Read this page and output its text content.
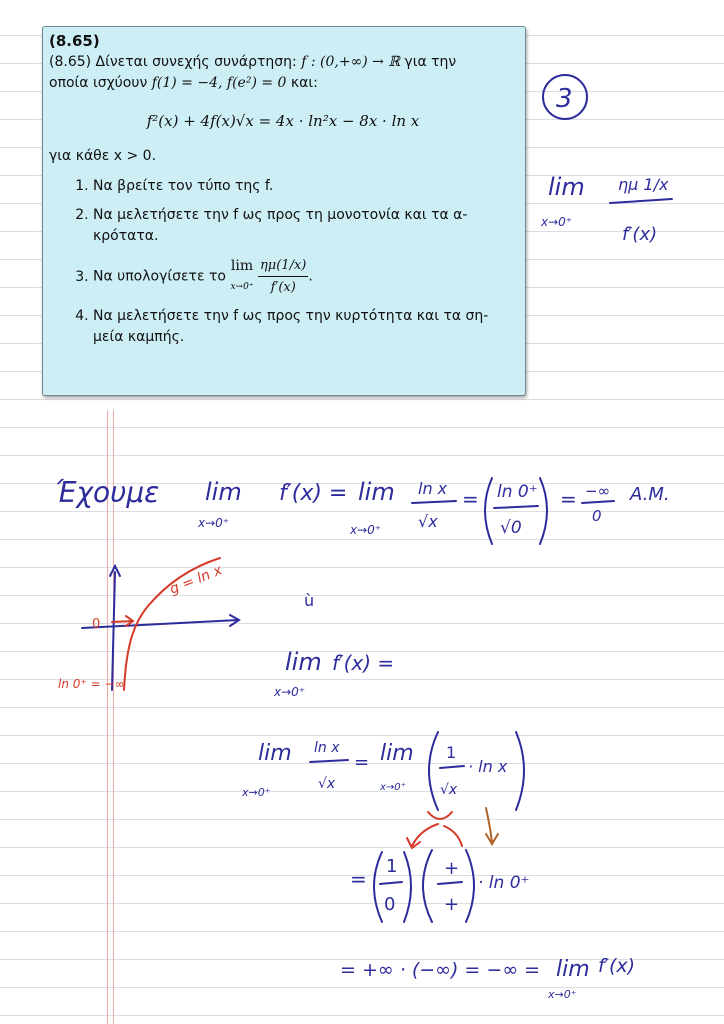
(8.65)

(8.65) Δίνεται συνεχής συνάρτηση: f : (0,+∞) → ℝ για την
οποία ισχύουν f(1) = −4, f(e²) = 0 και:

f²(x) + 4f(x)√x = 4x · ln²x − 8x · ln x

για κάθε x > 0.

1. Να βρείτε τον τύπο της f.
2. Να μελετήσετε την f ως προς τη μονοτονία και τα α-κρότατα.
3. Να υπολογίσετε το
lim
x→0⁺
$\frac{\eta\mu(1/x)}{f'(x)}$ .
4. Να μελετήσετε την f ως προς την κυρτότητα και τα ση-μεία καμπής.
3
lim
x→0⁺
ημ 1/x
f′(x)
Έχουμε lim
x→0⁺
f′(x) = lim
x→0⁺
ln x
√x
= ln 0⁺
√0
= −∞
0
A.M.
0
ù
lim
x→0⁺
f′(x) =
lim
x→0⁺
ln x
√x
= lim
x→0⁺
1
√x
· ln x
=
1
0
+
+
· ln 0⁺
= +∞ · (−∞) = −∞ = lim
x→0⁺
f′(x)
g = ln x
ln 0⁺ = −∞
